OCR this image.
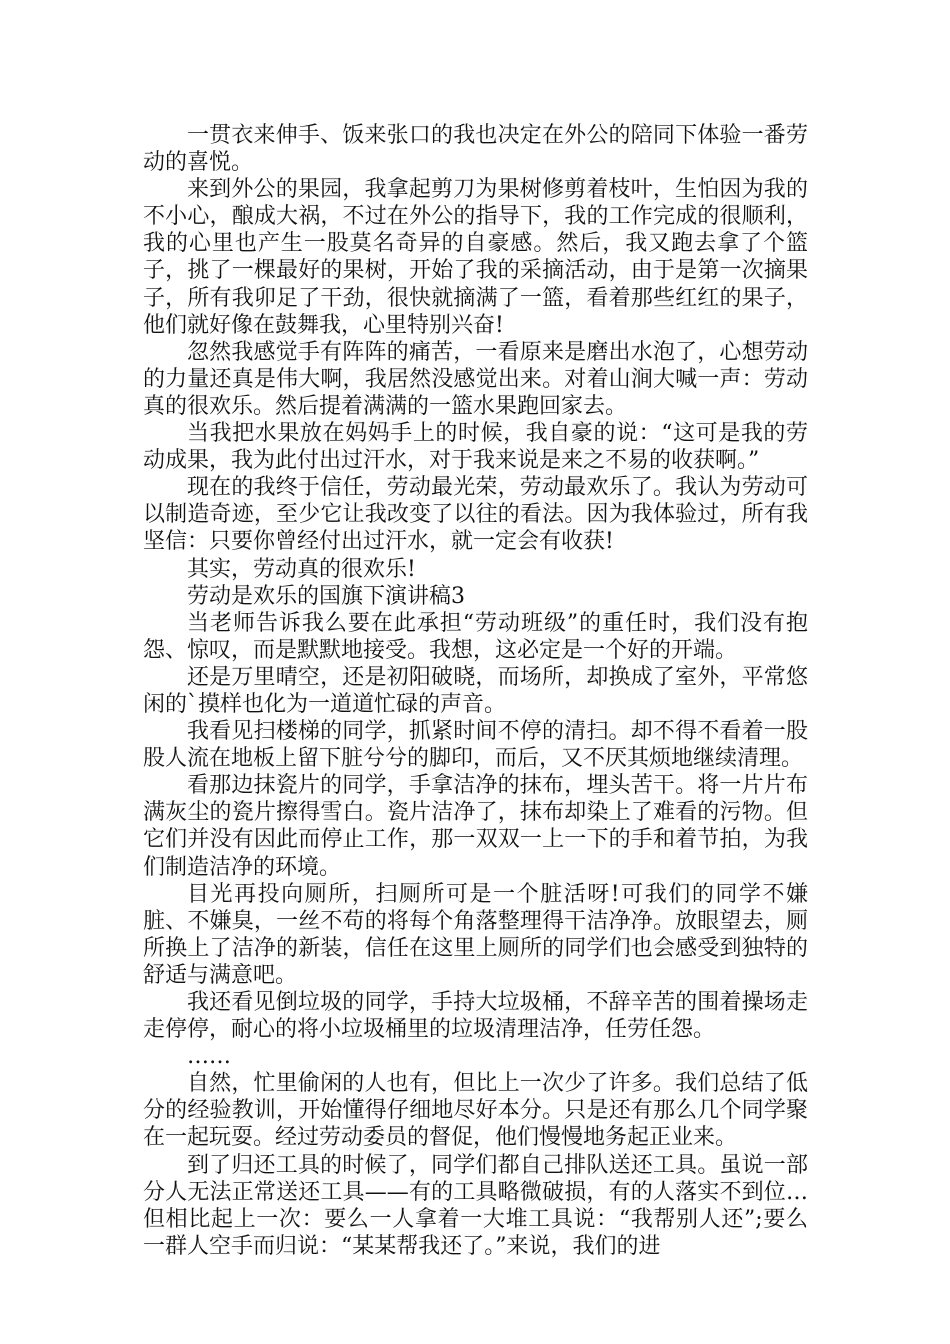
一贯衣来伸手、饭来张口的我也决定在外公的陪同下体验一番劳动的喜悦。

来到外公的果园，我拿起剪刀为果树修剪着枝叶，生怕因为我的不小心，酿成大祸，不过在外公的指导下，我的工作完成的很顺利，我的心里也产生一股莫名奇异的自豪感。然后，我又跑去拿了个篮子，挑了一棵最好的果树，开始了我的采摘活动，由于是第一次摘果子，所有我卯足了干劲，很快就摘满了一篮，看着那些红红的果子，他们就好像在鼓舞我，心里特别兴奋!

忽然我感觉手有阵阵的痛苦，一看原来是磨出水泡了，心想劳动的力量还真是伟大啊，我居然没感觉出来。对着山涧大喊一声：劳动真的很欢乐。然后提着满满的一篮水果跑回家去。

当我把水果放在妈妈手上的时候，我自豪的说：“这可是我的劳动成果，我为此付出过汗水，对于我来说是来之不易的收获啊。”

现在的我终于信任，劳动最光荣，劳动最欢乐了。我认为劳动可以制造奇迹，至少它让我改变了以往的看法。因为我体验过，所有我坚信：只要你曾经付出过汗水，就一定会有收获!

其实，劳动真的很欢乐!

劳动是欢乐的国旗下演讲稿3

当老师告诉我么要在此承担“劳动班级”的重任时，我们没有抱怨、惊叹，而是默默地接受。我想，这必定是一个好的开端。

还是万里晴空，还是初阳破晓，而场所，却换成了室外，平常悠闲的`摸样也化为一道道忙碌的声音。

我看见扫楼梯的同学，抓紧时间不停的清扫。却不得不看着一股股人流在地板上留下脏兮兮的脚印，而后，又不厌其烦地继续清理。

看那边抹瓷片的同学，手拿洁净的抹布，埋头苦干。将一片片布满灰尘的瓷片擦得雪白。瓷片洁净了，抹布却染上了难看的污物。但它们并没有因此而停止工作，那一双双一上一下的手和着节拍，为我们制造洁净的环境。

目光再投向厕所，扫厕所可是一个脏活呀!可我们的同学不嫌脏、不嫌臭，一丝不苟的将每个角落整理得干洁净净。放眼望去，厕所换上了洁净的新装，信任在这里上厕所的同学们也会感受到独特的舒适与满意吧。

我还看见倒垃圾的同学，手持大垃圾桶，不辞辛苦的围着操场走走停停，耐心的将小垃圾桶里的垃圾清理洁净，任劳任怨。

……

自然，忙里偷闲的人也有，但比上一次少了许多。我们总结了低分的经验教训，开始懂得仔细地尽好本分。只是还有那么几个同学聚在一起玩耍。经过劳动委员的督促，他们慢慢地务起正业来。

到了归还工具的时候了，同学们都自己排队送还工具。虽说一部分人无法正常送还工具——有的工具略微破损，有的人落实不到位…但相比起上一次：要么一人拿着一大堆工具说：“我帮别人还”;要么一群人空手而归说：“某某帮我还了。”来说，我们的进
